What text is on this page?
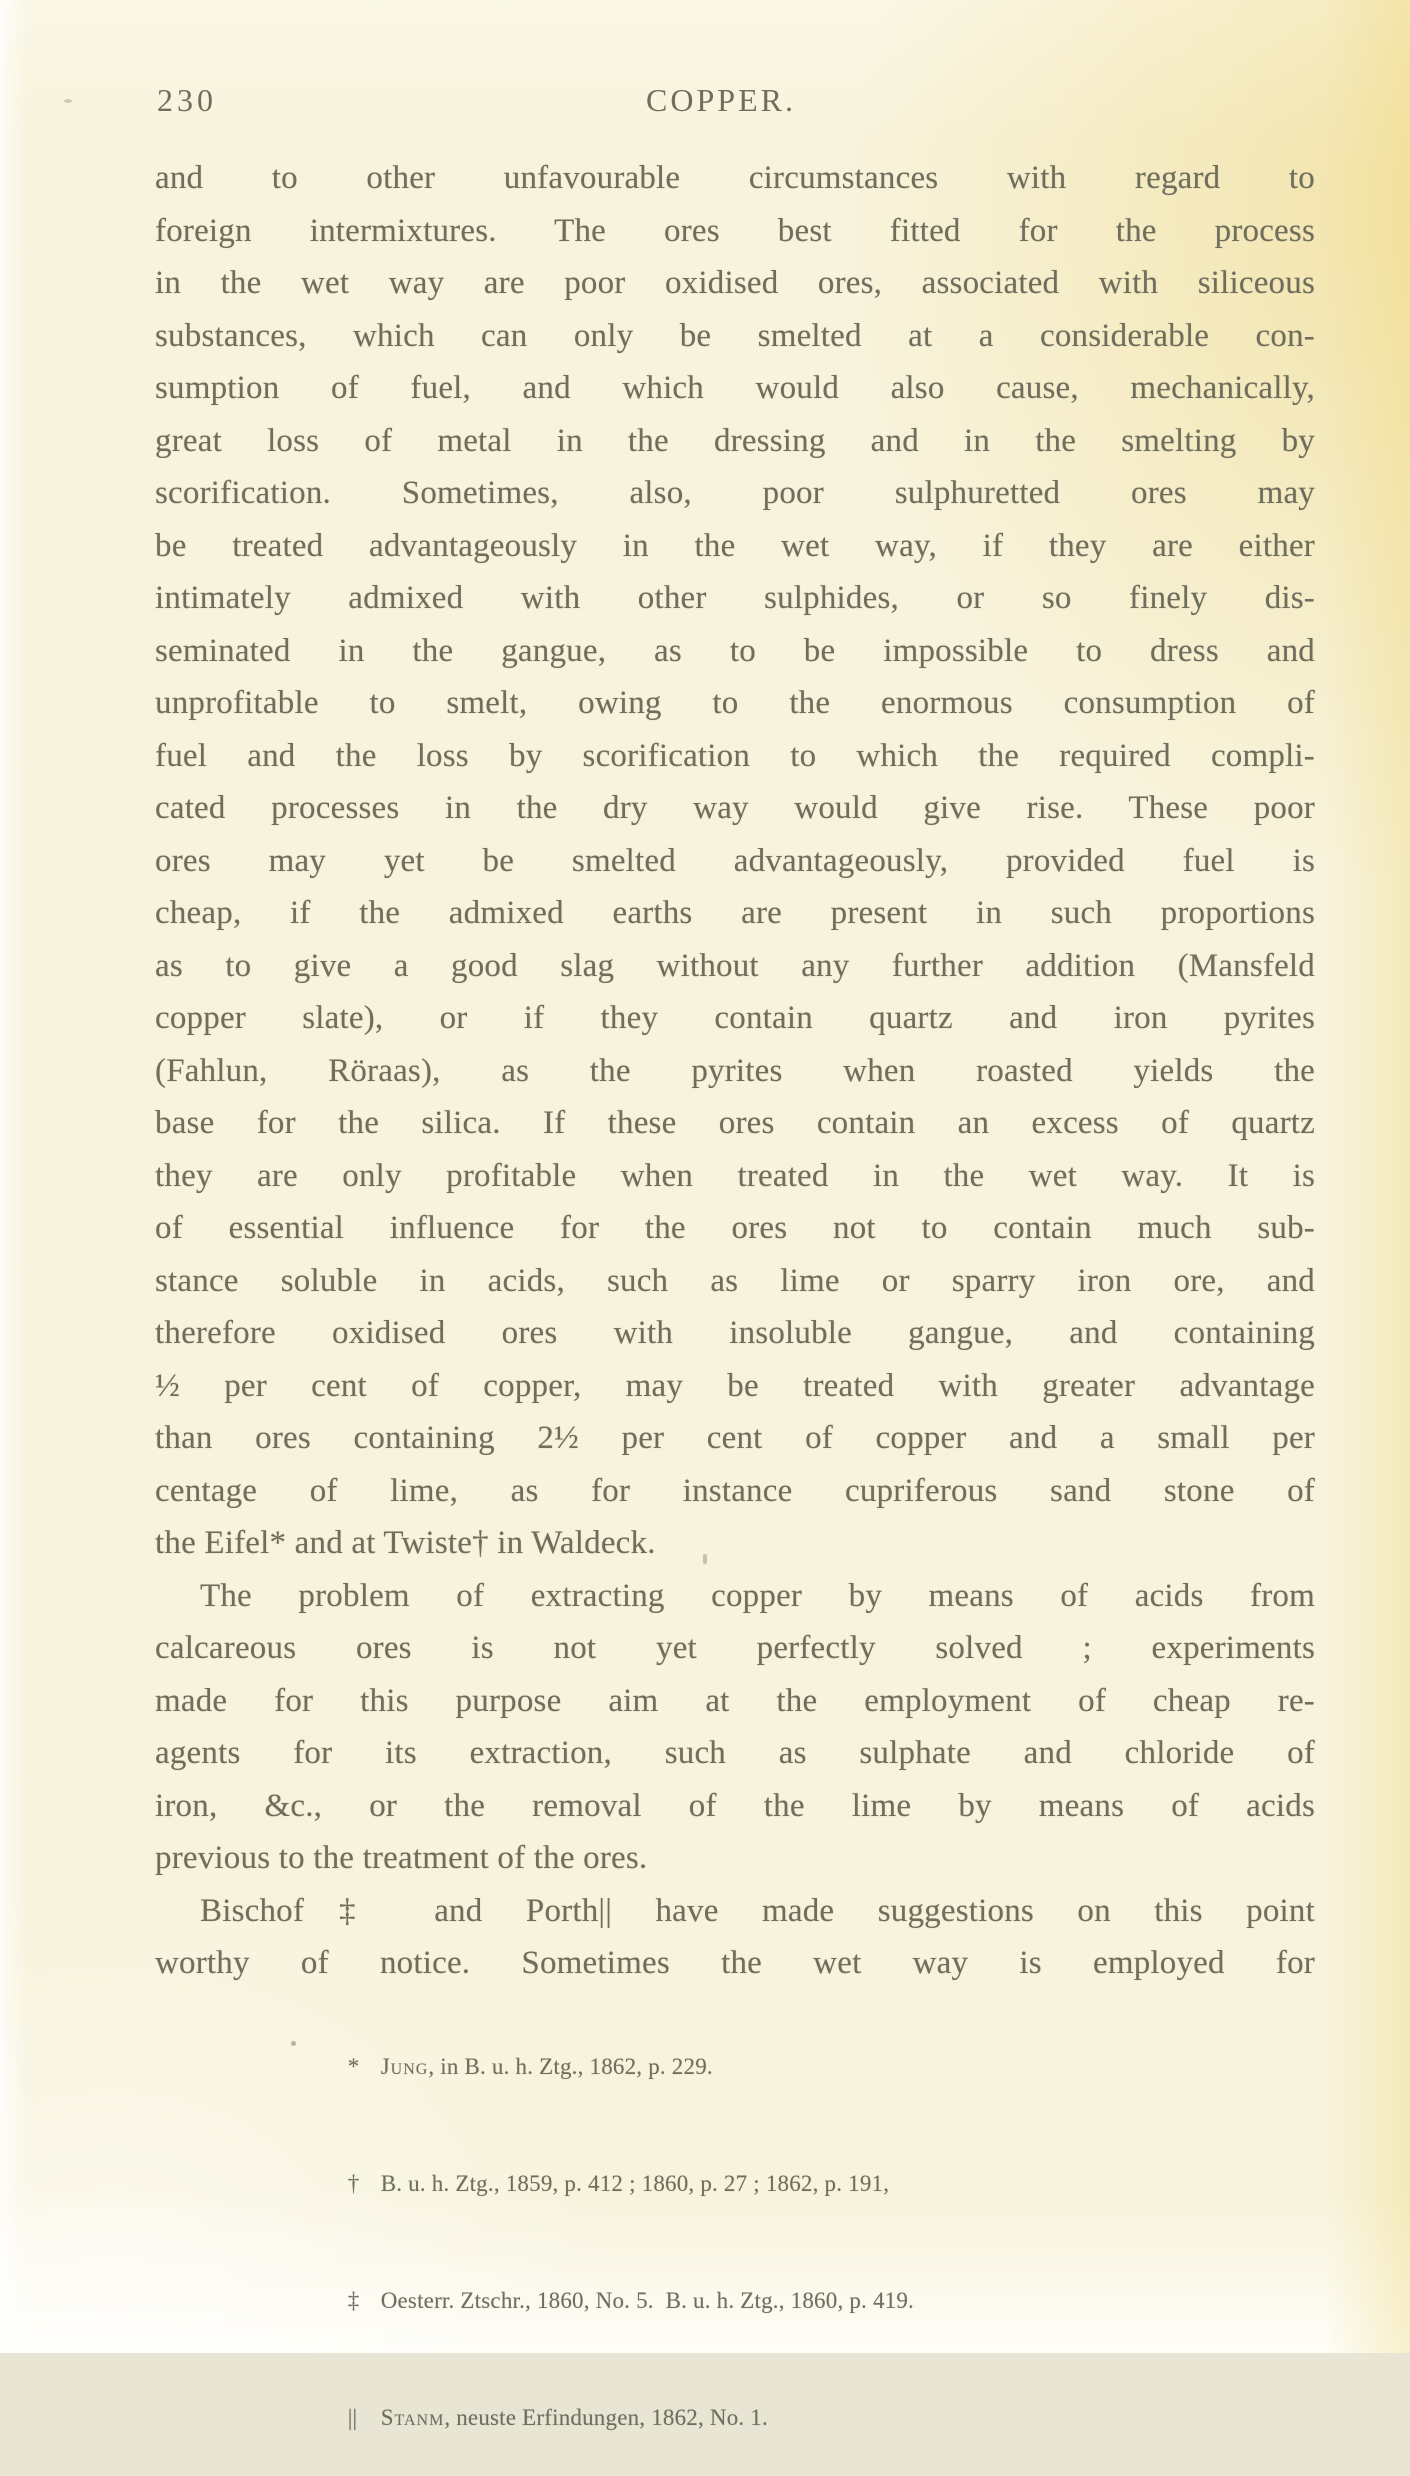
230	COPPER.
and to other unfavourable circumstances with regard to
foreign intermixtures. The ores best fitted for the process
in the wet way are poor oxidised ores, associated with siliceous
substances, which can only be smelted at a considerable con-
sumption of fuel, and which would also cause, mechanically,
great loss of metal in the dressing and in the smelting by
scorification. Sometimes, also, poor sulphuretted ores may
be treated advantageously in the wet way, if they are either
intimately admixed with other sulphides, or so finely dis-
seminated in the gangue, as to be impossible to dress and
unprofitable to smelt, owing to the enormous consumption of
fuel and the loss by scorification to which the required compli-
cated processes in the dry way would give rise. These poor
ores may yet be smelted advantageously, provided fuel is
cheap, if the admixed earths are present in such proportions
as to give a good slag without any further addition (Mansfeld
copper slate), or if they contain quartz and iron pyrites
(Fahlun, Röraas), as the pyrites when roasted yields the
base for the silica. If these ores contain an excess of quartz
they are only profitable when treated in the wet way. It is
of essential influence for the ores not to contain much sub-
stance soluble in acids, such as lime or sparry iron ore, and
therefore oxidised ores with insoluble gangue, and containing
½ per cent of copper, may be treated with greater advantage
than ores containing 2½ per cent of copper and a small per
centage of lime, as for instance cupriferous sand stone of
the Eifel* and at Twiste† in Waldeck.
The problem of extracting copper by means of acids from
calcareous ores is not yet perfectly solved ; experiments
made for this purpose aim at the employment of cheap re-
agents for its extraction, such as sulphate and chloride of
iron, &c., or the removal of the lime by means of acids
previous to the treatment of the ores.
Bischof‡ and Porth|| have made suggestions on this point
worthy of notice. Sometimes the wet way is employed for

* Jung, in B. u. h. Ztg., 1862, p. 229.

† B. u. h. Ztg., 1859, p. 412 ; 1860, p. 27 ; 1862, p. 191,

‡ Oesterr. Ztschr., 1860, No. 5.  B. u. h. Ztg., 1860, p. 419.

|| Stanm, neuste Erfindungen, 1862, No. 1.
